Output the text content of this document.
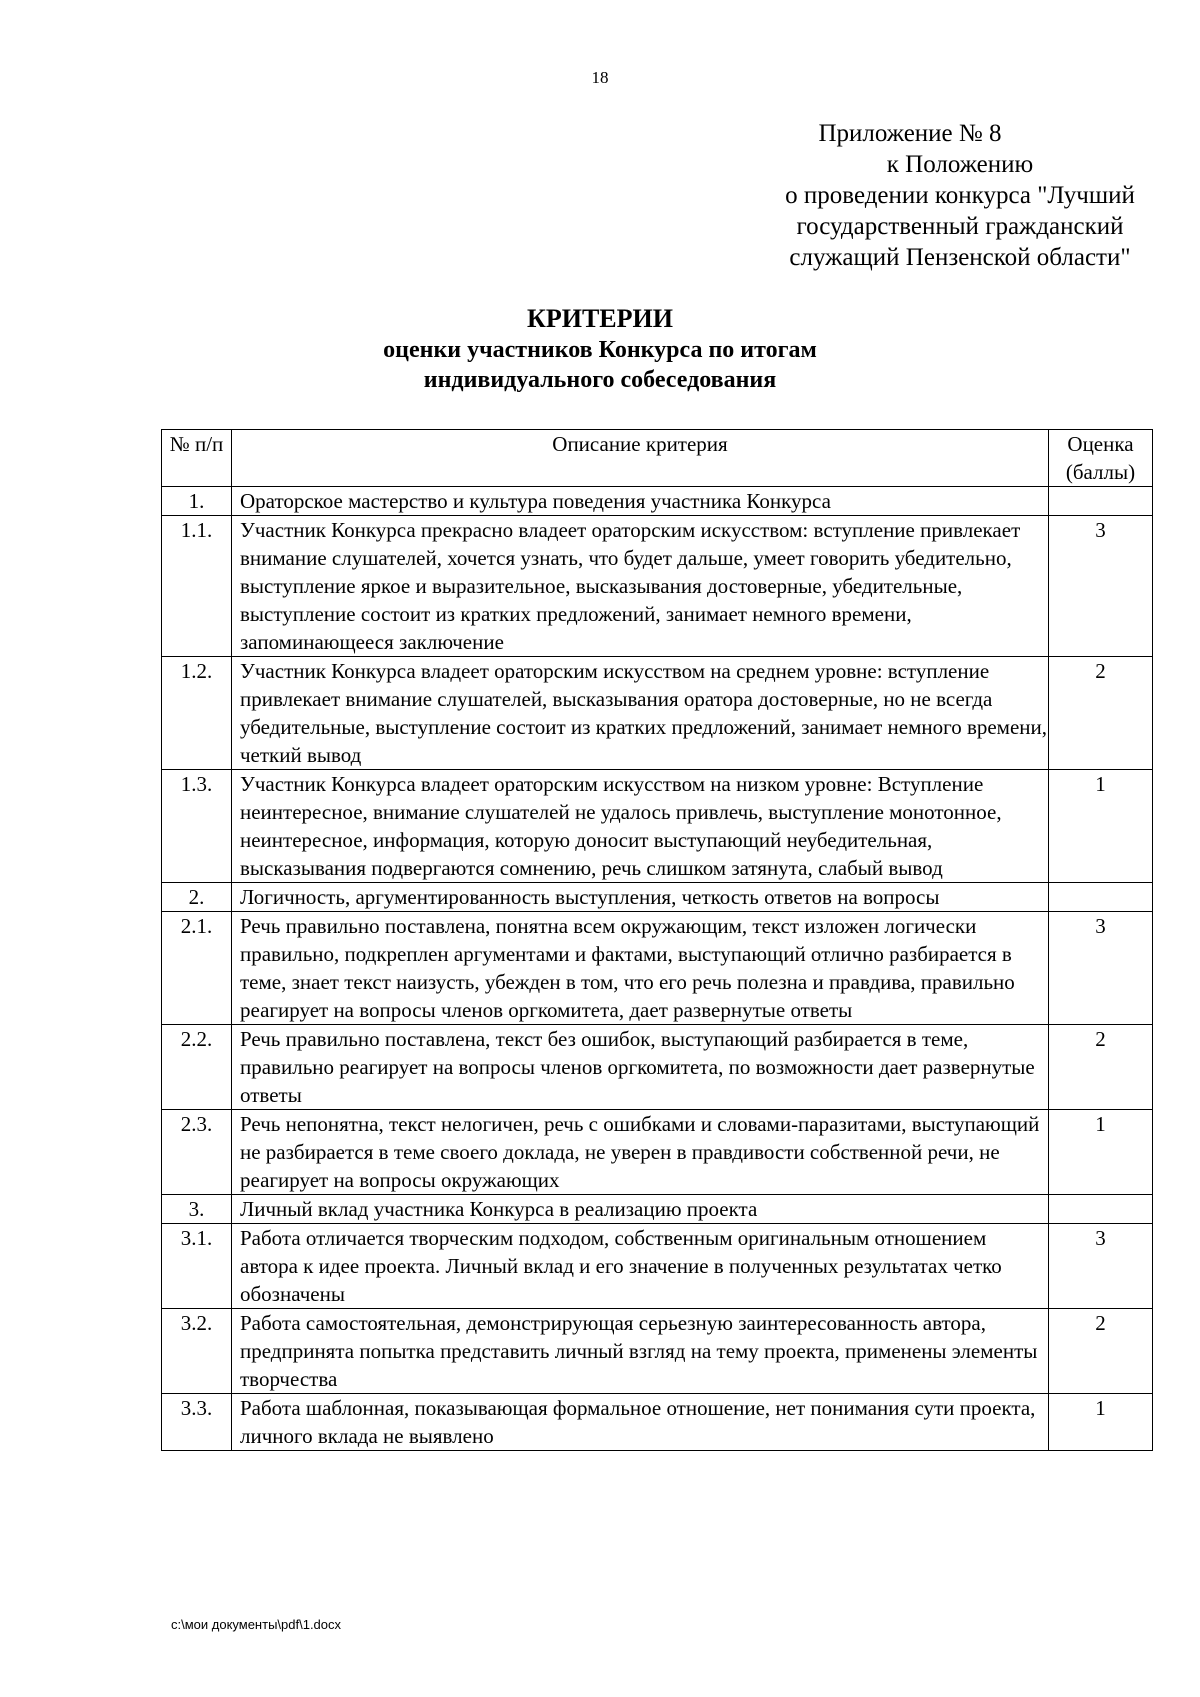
18
Приложение № 8
к Положению
о проведении конкурса "Лучший
государственный гражданский
служащий Пензенской области"
КРИТЕРИИ
оценки участников Конкурса по итогам
индивидуального собеседования
№ п/п	Описание критерия	Оценка (баллы)
1.	Ораторское мастерство и культура поведения участника Конкурса	
1.1.	Участник Конкурса прекрасно владеет ораторским искусством: вступление привлекает внимание слушателей, хочется узнать, что будет дальше, умеет говорить убедительно, выступление яркое и выразительное, высказывания достоверные, убедительные, выступление состоит из кратких предложений, занимает немного времени, запоминающееся заключение	3
1.2.	Участник Конкурса владеет ораторским искусством на среднем уровне: вступление привлекает внимание слушателей, высказывания оратора достоверные, но не всегда убедительные, выступление состоит из кратких предложений, занимает немного времени, четкий вывод	2
1.3.	Участник Конкурса владеет ораторским искусством на низком уровне: Вступление неинтересное, внимание слушателей не удалось привлечь, выступление монотонное, неинтересное, информация, которую доносит выступающий неубедительная, высказывания подвергаются сомнению, речь слишком затянута, слабый вывод	1
2.	Логичность, аргументированность выступления, четкость ответов на вопросы	
2.1.	Речь правильно поставлена, понятна всем окружающим, текст изложен логически правильно, подкреплен аргументами и фактами, выступающий отлично разбирается в теме, знает текст наизусть, убежден в том, что его речь полезна и правдива, правильно реагирует на вопросы членов оргкомитета, дает развернутые ответы	3
2.2.	Речь правильно поставлена, текст без ошибок, выступающий разбирается в теме, правильно реагирует на вопросы членов оргкомитета, по возможности дает развернутые ответы	2
2.3.	Речь непонятна, текст нелогичен, речь с ошибками и словами-паразитами, выступающий не разбирается в теме своего доклада, не уверен в правдивости собственной речи, не реагирует на вопросы окружающих	1
3.	Личный вклад участника Конкурса в реализацию проекта	
3.1.	Работа отличается творческим подходом, собственным оригинальным отношением автора к идее проекта. Личный вклад и его значение в полученных результатах четко обозначены	3
3.2.	Работа самостоятельная, демонстрирующая серьезную заинтересованность автора, предпринята попытка представить личный взгляд на тему проекта, применены элементы творчества	2
3.3.	Работа шаблонная, показывающая формальное отношение, нет понимания сути проекта, личного вклада не выявлено	1
c:\мои документы\pdf\1.docx
